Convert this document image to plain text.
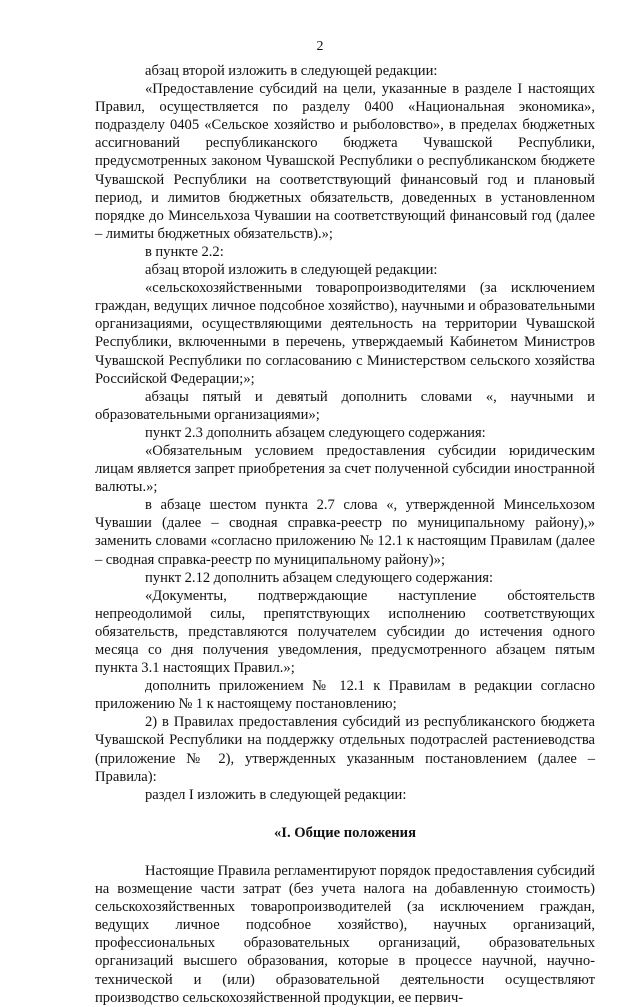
2

абзац второй изложить в следующей редакции:

«Предоставление субсидий на цели, указанные в разделе I настоящих Правил, осуществляется по разделу 0400 «Национальная экономика», подразделу 0405 «Сельское хозяйство и рыболовство», в пределах бюджетных ассигнований республиканского бюджета Чувашской Республики, предусмотренных законом Чувашской Республики о республиканском бюджете Чувашской Республики на соответствующий финансовый год и плановый период, и лимитов бюджетных обязательств, доведенных в установленном порядке до Минсельхоза Чувашии на соответствующий финансовый год (далее – лимиты бюджетных обязательств).»;

в пункте 2.2:

абзац второй изложить в следующей редакции:

«сельскохозяйственными товаропроизводителями (за исключением граждан, ведущих личное подсобное хозяйство), научными и образовательными организациями, осуществляющими деятельность на территории Чувашской Республики, включенными в перечень, утверждаемый Кабинетом Министров Чувашской Республики по согласованию с Министерством сельского хозяйства Российской Федерации;»;

абзацы пятый и девятый дополнить словами «, научными и образовательными организациями»;

пункт 2.3 дополнить абзацем следующего содержания:

«Обязательным условием предоставления субсидии юридическим лицам является запрет приобретения за счет полученной субсидии иностранной валюты.»;

в абзаце шестом пункта 2.7 слова «, утвержденной Минсельхозом Чувашии (далее – сводная справка-реестр по муниципальному району),» заменить словами «согласно приложению № 12.1 к настоящим Правилам (далее – сводная справка-реестр по муниципальному району)»;

пункт 2.12 дополнить абзацем следующего содержания:

«Документы, подтверждающие наступление обстоятельств непреодолимой силы, препятствующих исполнению соответствующих обязательств, представляются получателем субсидии до истечения одного месяца со дня получения уведомления, предусмотренного абзацем пятым пункта 3.1 настоящих Правил.»;

дополнить приложением № 12.1 к Правилам в редакции согласно приложению № 1 к настоящему постановлению;

2) в Правилах предоставления субсидий из республиканского бюджета Чувашской Республики на поддержку отдельных подотраслей растениеводства (приложение № 2), утвержденных указанным постановлением (далее – Правила):

раздел I изложить в следующей редакции:

«I. Общие положения

Настоящие Правила регламентируют порядок предоставления субсидий на возмещение части затрат (без учета налога на добавленную стоимость) сельскохозяйственных товаропроизводителей (за исключением граждан, ведущих личное подсобное хозяйство), научных организаций, профессиональных образовательных организаций, образовательных организаций высшего образования, которые в процессе научной, научно-технической и (или) образовательной деятельности осуществляют производство сельскохозяйственной продукции, ее первич-
